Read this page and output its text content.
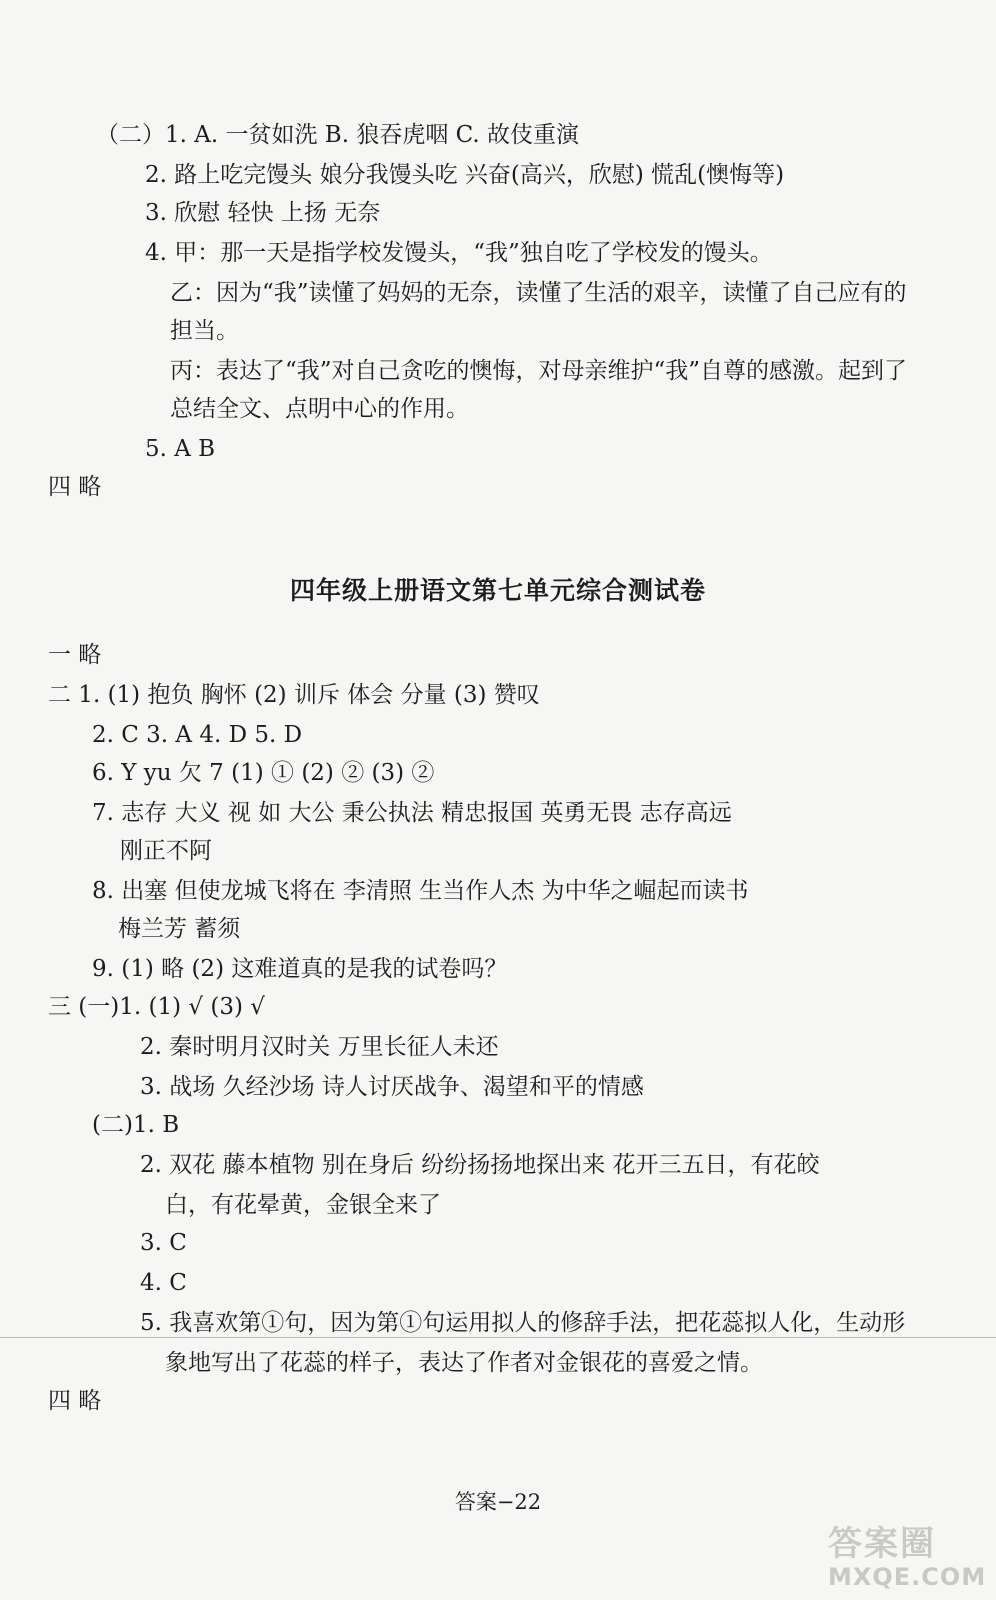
（二）1. A. 一贫如洗 B. 狼吞虎咽 C. 故伎重演
2. 路上吃完馒头 娘分我馒头吃 兴奋(高兴，欣慰) 慌乱(懊悔等)
3. 欣慰 轻快 上扬 无奈
4. 甲：那一天是指学校发馒头，“我”独自吃了学校发的馒头。
乙：因为“我”读懂了妈妈的无奈，读懂了生活的艰辛，读懂了自己应有的
担当。
丙：表达了“我”对自己贪吃的懊悔，对母亲维护“我”自尊的感激。起到了
总结全文、点明中心的作用。
5. A B
四 略
四年级上册语文第七单元综合测试卷
一 略
二 1. (1) 抱负 胸怀 (2) 训斥 体会 分量 (3) 赞叹
2. C 3. A 4. D 5. D
6. Y yu 欠 7 (1) ① (2) ② (3) ②
7. 志存 大义 视 如 大公 秉公执法 精忠报国 英勇无畏 志存高远
刚正不阿
8. 出塞 但使龙城飞将在 李清照 生当作人杰 为中华之崛起而读书
梅兰芳 蓄须
9. (1) 略 (2) 这难道真的是我的试卷吗？
三 (一)1. (1) √ (3) √
2. 秦时明月汉时关 万里长征人未还
3. 战场 久经沙场 诗人讨厌战争、渴望和平的情感
(二)1. B
2. 双花 藤本植物 别在身后 纷纷扬扬地探出来 花开三五日，有花皎
白，有花晕黄，金银全来了
3. C
4. C
5. 我喜欢第①句，因为第①句运用拟人的修辞手法，把花蕊拟人化，生动形
象地写出了花蕊的样子，表达了作者对金银花的喜爱之情。
四 略
答案−22
答案圈
MXQE.COM
